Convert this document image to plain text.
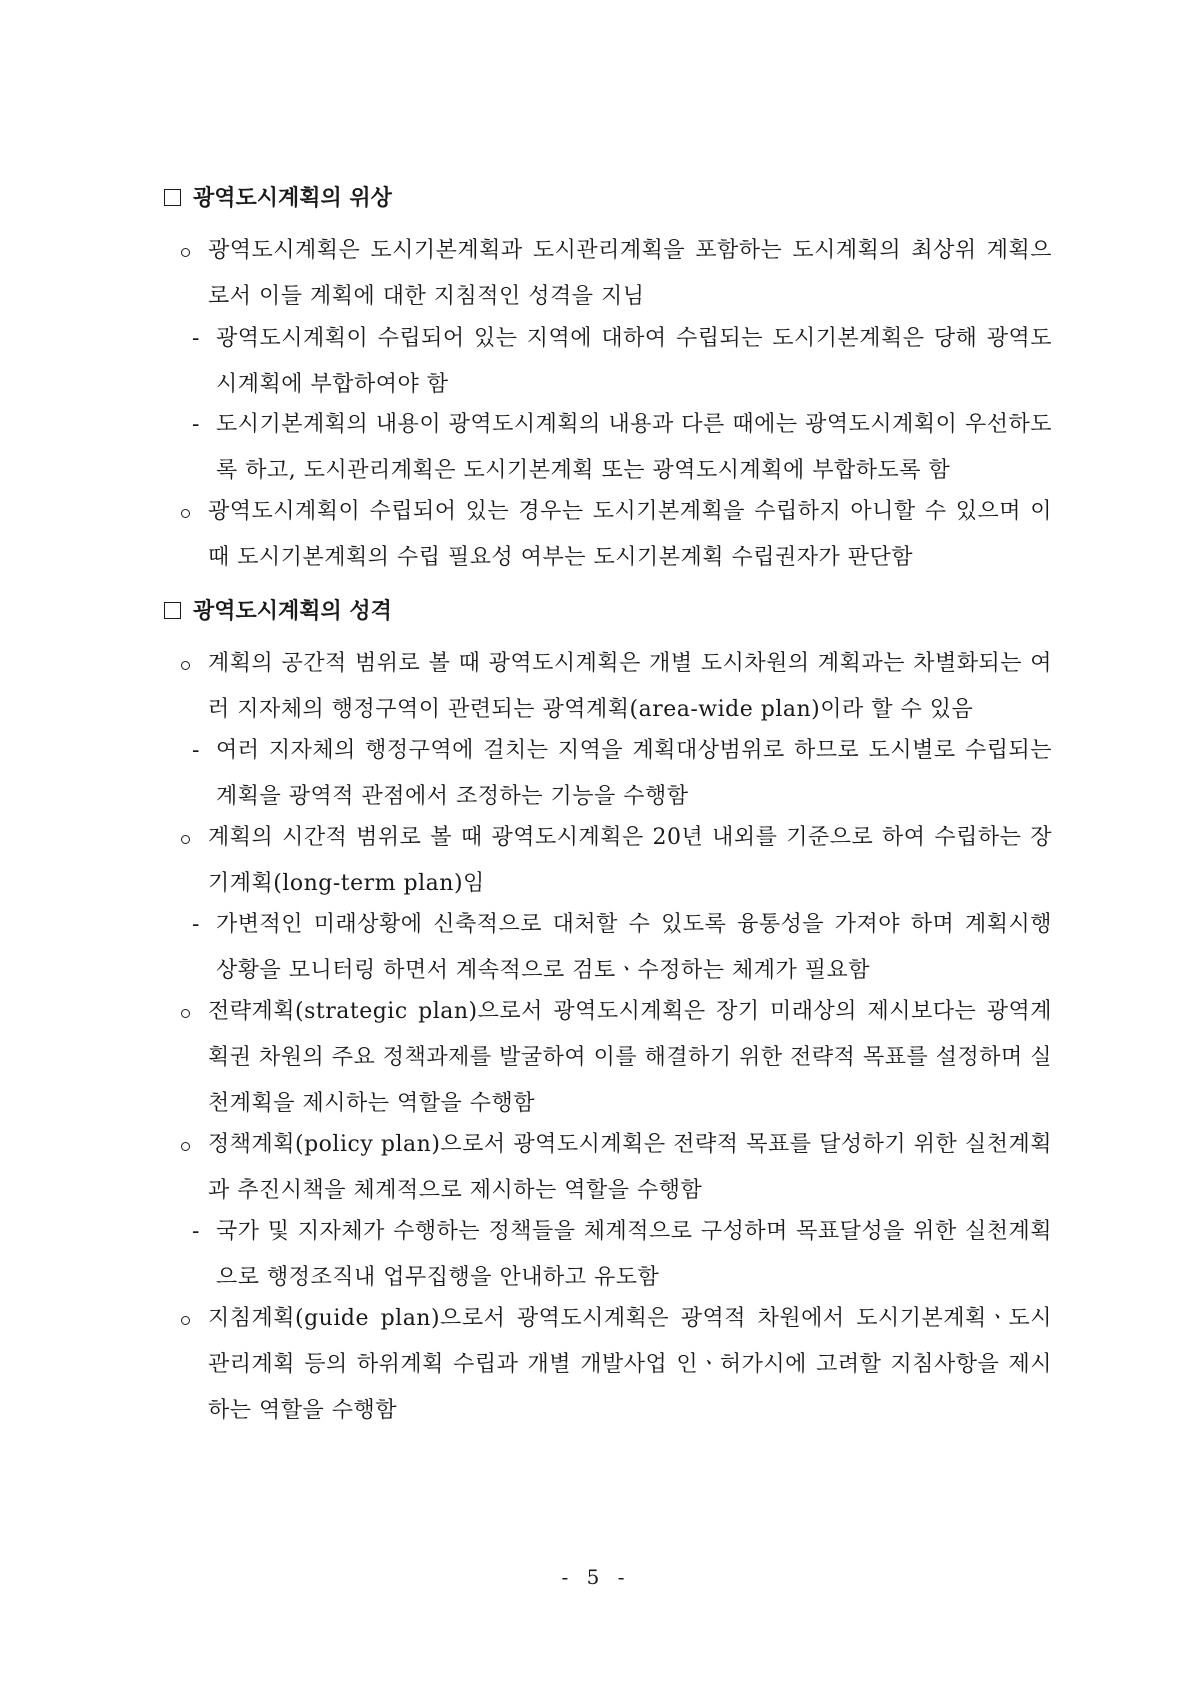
광역도시계획의 위상
광역도시계획은 도시기본계획과 도시관리계획을 포함하는 도시계획의 최상위 계획으로서 이들 계획에 대한 지침적인 성격을 지님
- 광역도시계획이 수립되어 있는 지역에 대하여 수립되는 도시기본계획은 당해 광역도시계획에 부합하여야 함
- 도시기본계획의 내용이 광역도시계획의 내용과 다른 때에는 광역도시계획이 우선하도록 하고, 도시관리계획은 도시기본계획 또는 광역도시계획에 부합하도록 함
광역도시계획이 수립되어 있는 경우는 도시기본계획을 수립하지 아니할 수 있으며 이 때 도시기본계획의 수립 필요성 여부는 도시기본계획 수립권자가 판단함
광역도시계획의 성격
계획의 공간적 범위로 볼 때 광역도시계획은 개별 도시차원의 계획과는 차별화되는 여러 지자체의 행정구역이 관련되는 광역계획(area-wide plan)이라 할 수 있음
- 여러 지자체의 행정구역에 걸치는 지역을 계획대상범위로 하므로 도시별로 수립되는 계획을 광역적 관점에서 조정하는 기능을 수행함
계획의 시간적 범위로 볼 때 광역도시계획은 20년 내외를 기준으로 하여 수립하는 장기계획(long-term plan)임
- 가변적인 미래상황에 신축적으로 대처할 수 있도록 융통성을 가져야 하며 계획시행 상황을 모니터링 하면서 계속적으로 검토ㆍ수정하는 체계가 필요함
전략계획(strategic plan)으로서 광역도시계획은 장기 미래상의 제시보다는 광역계획권 차원의 주요 정책과제를 발굴하여 이를 해결하기 위한 전략적 목표를 설정하며 실천계획을 제시하는 역할을 수행함
정책계획(policy plan)으로서 광역도시계획은 전략적 목표를 달성하기 위한 실천계획과 추진시책을 체계적으로 제시하는 역할을 수행함
- 국가 및 지자체가 수행하는 정책들을 체계적으로 구성하며 목표달성을 위한 실천계획으로 행정조직내 업무집행을 안내하고 유도함
지침계획(guide plan)으로서 광역도시계획은 광역적 차원에서 도시기본계획ㆍ도시관리계획 등의 하위계획 수립과 개별 개발사업 인ㆍ허가시에 고려할 지침사항을 제시하는 역할을 수행함
- 5 -
